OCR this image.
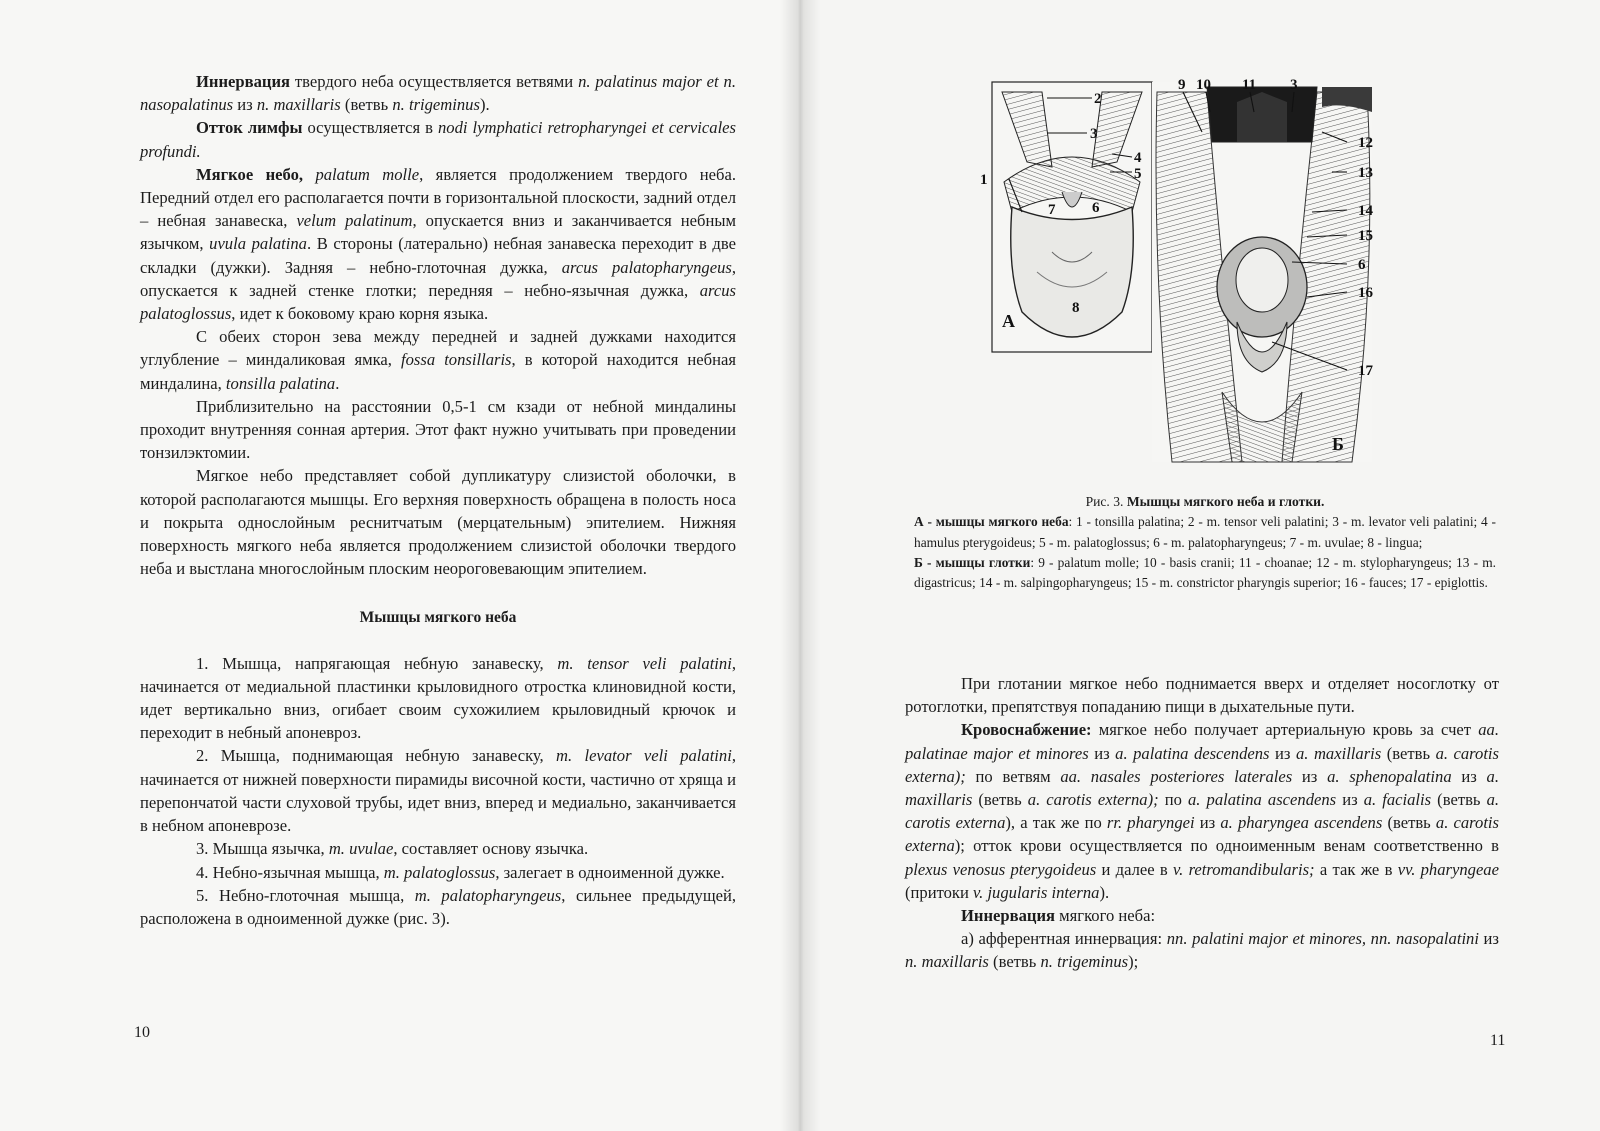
Иннервация твердого неба осуществляется ветвями n. palatinus major et n. nasopalatinus из n. maxillaris (ветвь n. trigeminus).

Отток лимфы осуществляется в nodi lymphatici retropharyngei et cervicales profundi.

Мягкое небо, palatum molle, является продолжением твердого неба. Передний отдел его располагается почти в горизонтальной плоскости, задний отдел – небная занавеска, velum palatinum, опускается вниз и заканчивается небным язычком, uvula palatina. В стороны (латерально) небная занавеска переходит в две складки (дужки). Задняя – небно-глоточная дужка, arcus palatopharyngeus, опускается к задней стенке глотки; передняя – небно-язычная дужка, arcus palatoglossus, идет к боковому краю корня языка.

С обеих сторон зева между передней и задней дужками находится углубление – миндаликовая ямка, fossa tonsillaris, в которой находится небная миндалина, tonsilla palatina.

Приблизительно на расстоянии 0,5-1 см кзади от небной миндалины проходит внутренняя сонная артерия. Этот факт нужно учитывать при проведении тонзилэктомии.

Мягкое небо представляет собой дупликатуру слизистой оболочки, в которой располагаются мышцы. Его верхняя поверхность обращена в полость носа и покрыта однослойным реснитчатым (мерцательным) эпителием. Нижняя поверхность мягкого неба является продолжением слизистой оболочки твердого неба и выстлана многослойным плоским неороговевающим эпителием.

Мышцы мягкого неба

1. Мышца, напрягающая небную занавеску, m. tensor veli palatini, начинается от медиальной пластинки крыловидного отростка клиновидной кости, идет вертикально вниз, огибает своим сухожилием крыловидный крючок и переходит в небный апоневроз.

2. Мышца, поднимающая небную занавеску, m. levator veli palatini, начинается от нижней поверхности пирамиды височной кости, частично от хряща и перепончатой части слуховой трубы, идет вниз, вперед и медиально, заканчивается в небном апоневрозе.

3. Мышца язычка, m. uvulae, составляет основу язычка.

4. Небно-язычная мышца, m. palatoglossus, залегает в одноименной дужке.

5. Небно-глоточная мышца, m. palatopharyngeus, сильнее предыдущей, расположена в одноименной дужке (рис. 3).

10
1
2
3
4
5
6
7
8
9 10 11 3
12
13
14
15
6
16
17
А
Б

Рис. 3. Мышцы мягкого неба и глотки.

А - мышцы мягкого неба: 1 - tonsilla palatina; 2 - m. tensor veli palatini; 3 - m. levator veli palatini; 4 - hamulus pterygoideus; 5 - m. palatoglossus; 6 - m. palatopharyngeus; 7 - m. uvulae; 8 - lingua;

Б - мышцы глотки: 9 - palatum molle; 10 - basis cranii; 11 - choanae; 12 - m. stylopharyngeus; 13 - m. digastricus; 14 - m. salpingopharyngeus; 15 - m. constrictor pharyngis superior; 16 - fauces; 17 - epiglottis.

При глотании мягкое небо поднимается вверх и отделяет носоглотку от ротоглотки, препятствуя попаданию пищи в дыхательные пути.

Кровоснабжение: мягкое небо получает артериальную кровь за счет aa. palatinae major et minores из a. palatina descendens из a. maxillaris (ветвь a. carotis externa); по ветвям aa. nasales posteriores laterales из a. sphenopalatina из a. maxillaris (ветвь a. carotis externa); по a. palatina ascendens из a. facialis (ветвь a. carotis externa), а так же по rr. pharyngei из a. pharyngea ascendens (ветвь a. carotis externa); отток крови осуществляется по одноименным венам соответственно в plexus venosus pterygoideus и далее в v. retromandibularis; а так же в vv. pharyngeae (притоки v. jugularis interna).

Иннервация мягкого неба:

а) афферентная иннервация: nn. palatini major et minores, nn. nasopalatini из n. maxillaris (ветвь n. trigeminus);

11
